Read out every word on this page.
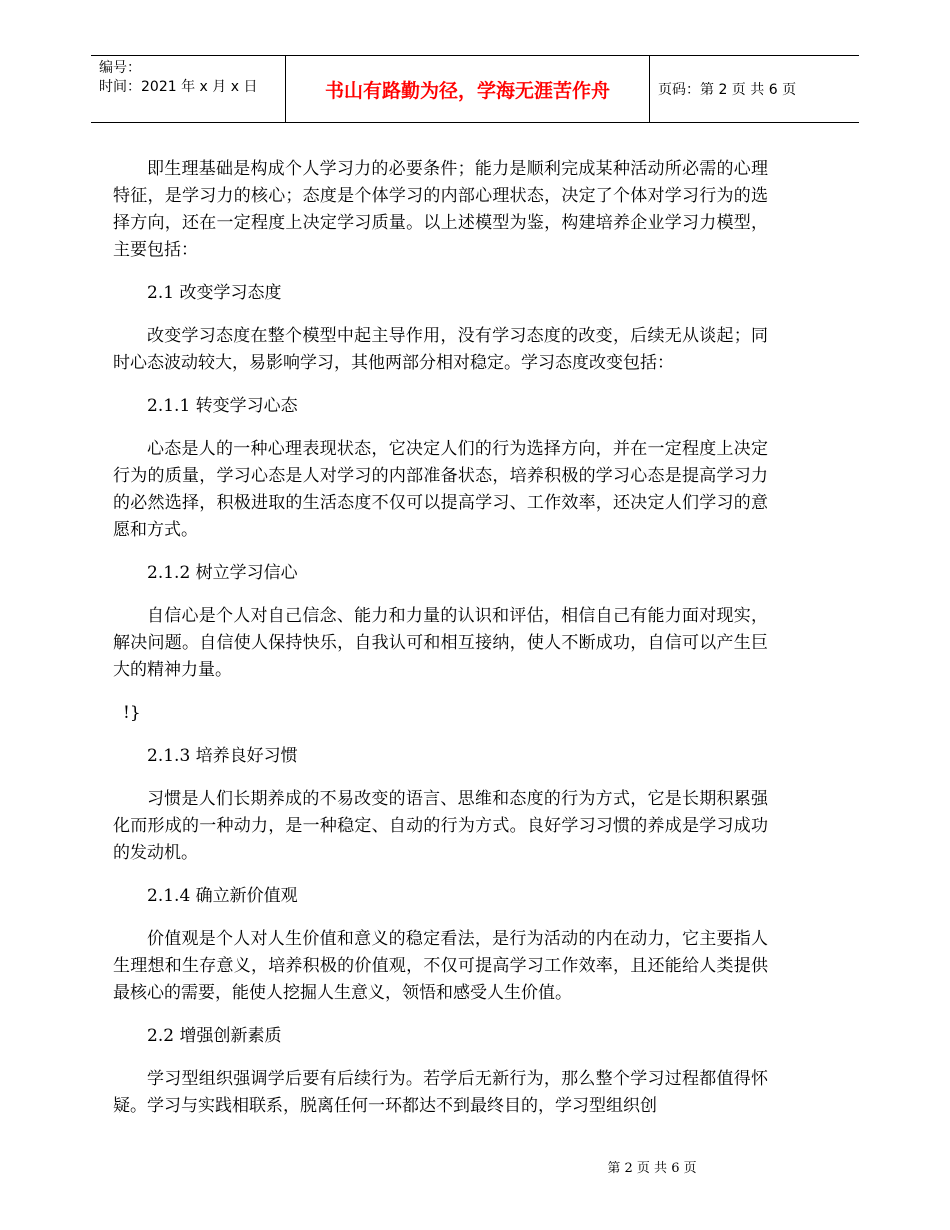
编号：
时间：2021 年 x 月 x 日	书山有路勤为径，学海无涯苦作舟	页码：第 2 页 共 6 页

即生理基础是构成个人学习力的必要条件；能力是顺利完成某种活动所必需的心理特征，是学习力的核心；态度是个体学习的内部心理状态，决定了个体对学习行为的选择方向，还在一定程度上决定学习质量。以上述模型为鉴，构建培养企业学习力模型，主要包括：

2.1 改变学习态度

改变学习态度在整个模型中起主导作用，没有学习态度的改变，后续无从谈起；同时心态波动较大，易影响学习，其他两部分相对稳定。学习态度改变包括：

2.1.1 转变学习心态

心态是人的一种心理表现状态，它决定人们的行为选择方向，并在一定程度上决定行为的质量，学习心态是人对学习的内部准备状态，培养积极的学习心态是提高学习力的必然选择，积极进取的生活态度不仅可以提高学习、工作效率，还决定人们学习的意愿和方式。

2.1.2 树立学习信心

自信心是个人对自己信念、能力和力量的认识和评估，相信自己有能力面对现实，解决问题。自信使人保持快乐，自我认可和相互接纳，使人不断成功，自信可以产生巨大的精神力量。

!}

2.1.3 培养良好习惯

习惯是人们长期养成的不易改变的语言、思维和态度的行为方式，它是长期积累强化而形成的一种动力，是一种稳定、自动的行为方式。良好学习习惯的养成是学习成功的发动机。

2.1.4 确立新价值观

价值观是个人对人生价值和意义的稳定看法，是行为活动的内在动力，它主要指人生理想和生存意义，培养积极的价值观，不仅可提高学习工作效率，且还能给人类提供最核心的需要，能使人挖掘人生意义，领悟和感受人生价值。

2.2 增强创新素质

学习型组织强调学后要有后续行为。若学后无新行为，那么整个学习过程都值得怀疑。学习与实践相联系，脱离任何一环都达不到最终目的，学习型组织创

第 2 页 共 6 页
